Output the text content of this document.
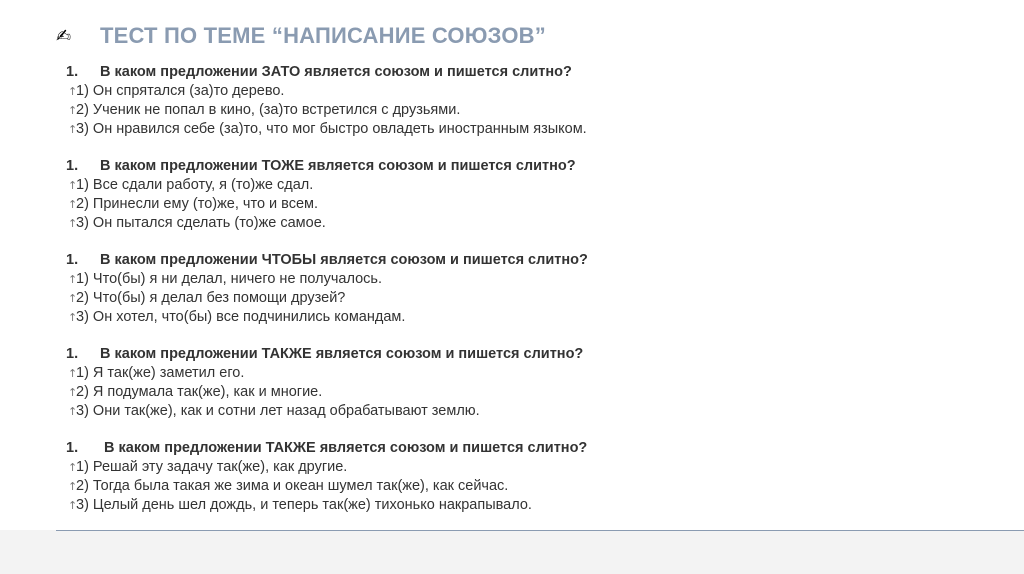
✍	ТЕСТ ПО ТЕМЕ “НАПИСАНИЕ СОЮЗОВ”
1.	В каком предложении ЗАТО является союзом и пишется слитно?
↑1) Он спрятался (за)то дерево.
↑2) Ученик не попал в кино, (за)то встретился с друзьями.
↑3) Он нравился себе (за)то, что мог быстро овладеть иностранным языком.
1.	В каком предложении ТОЖЕ является союзом и пишется слитно?
↑1) Все сдали работу, я (то)же сдал.
↑2) Принесли ему (то)же, что и всем.
↑3) Он пытался сделать (то)же самое.
1.	В каком предложении ЧТОБЫ является союзом и пишется слитно?
↑1) Что(бы) я ни делал, ничего не получалось.
↑2) Что(бы) я делал без помощи друзей?
↑3) Он хотел, что(бы) все подчинились командам.
1.	В каком предложении ТАКЖЕ является союзом и пишется слитно?
↑1) Я так(же) заметил его.
↑2) Я подумала так(же), как и многие.
↑3) Они так(же), как и сотни лет назад обрабатывают землю.
1.	В каком предложении ТАКЖЕ является союзом и пишется слитно?
↑1) Решай эту задачу так(же), как другие.
↑2) Тогда была такая же зима и океан шумел так(же), как сейчас.
↑3) Целый день шел дождь, и теперь так(же) тихонько накрапывало.
